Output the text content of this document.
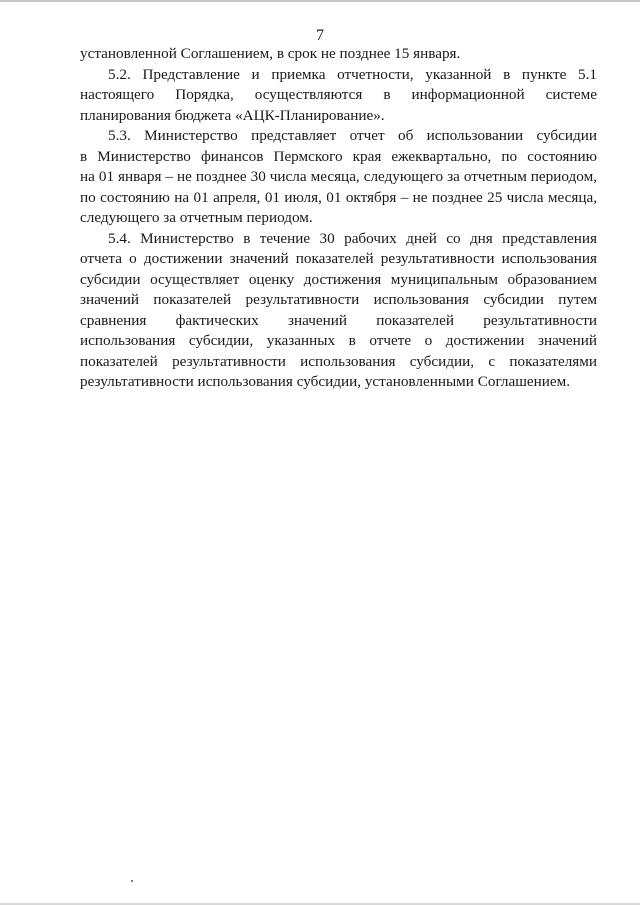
7
установленной Соглашением, в срок не позднее 15 января.
5.2. Представление и приемка отчетности, указанной в пункте 5.1
настоящего Порядка, осуществляются в информационной системе
планирования бюджета «АЦК-Планирование».
5.3. Министерство представляет отчет об использовании субсидии
в Министерство финансов Пермского края ежеквартально, по состоянию
на 01 января – не позднее 30 числа месяца, следующего за отчетным периодом,
по состоянию на 01 апреля, 01 июля, 01 октября – не позднее 25 числа месяца,
следующего за отчетным периодом.
5.4. Министерство в течение 30 рабочих дней со дня представления
отчета о достижении значений показателей результативности использования
субсидии осуществляет оценку достижения муниципальным образованием
значений показателей результативности использования субсидии путем
сравнения фактических значений показателей результативности
использования субсидии, указанных в отчете о достижении значений
показателей результативности использования субсидии, с показателями
результативности использования субсидии, установленными Соглашением.
